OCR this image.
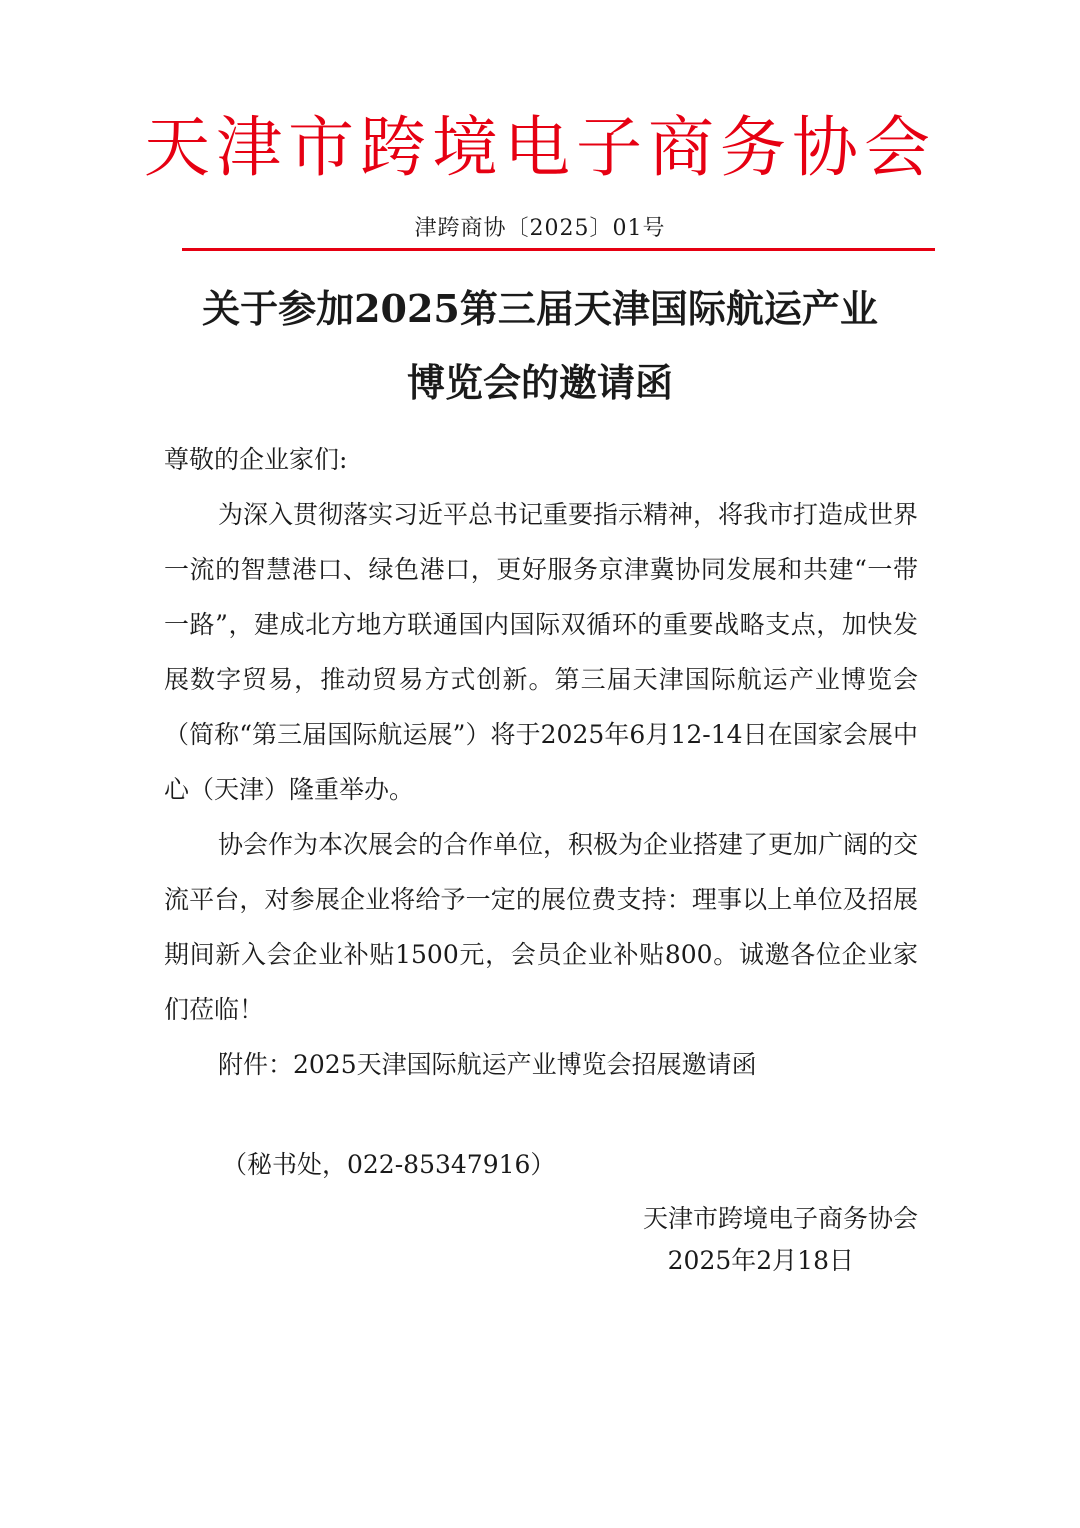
天津市跨境电子商务协会
津跨商协〔2025〕01号
关于参加2025第三届天津国际航运产业
博览会的邀请函

尊敬的企业家们:

为深入贯彻落实习近平总书记重要指示精神，将我市打造成世界一流的智慧港口、绿色港口，更好服务京津冀协同发展和共建“一带一路”，建成北方地方联通国内国际双循环的重要战略支点，加快发展数字贸易，推动贸易方式创新。第三届天津国际航运产业博览会（简称“第三届国际航运展”）将于2025年6月12-14日在国家会展中心（天津）隆重举办。

协会作为本次展会的合作单位，积极为企业搭建了更加广阔的交流平台，对参展企业将给予一定的展位费支持：理事以上单位及招展期间新入会企业补贴1500元，会员企业补贴800。诚邀各位企业家们莅临！

附件：2025天津国际航运产业博览会招展邀请函

（秘书处，022-85347916）
天津市跨境电子商务协会
2025年2月18日
